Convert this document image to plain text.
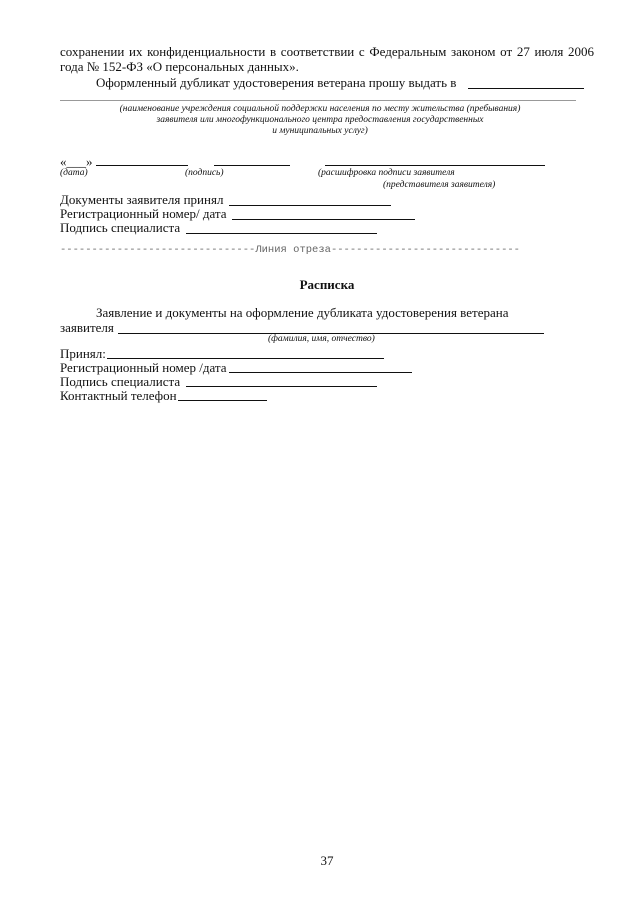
сохранении их конфиденциальности в соответствии с Федеральным законом от 27 июля 2006
года № 152-ФЗ «О персональных данных».
Оформленный дубликат удостоверения ветерана прошу выдать в
(наименование учреждения социальной поддержки населения по месту жительства (пребывания)
заявителя или многофункционального центра предоставления государственных
и муниципальных услуг)
«___»
(дата)	(подпись)	(расшифровка подписи заявителя
(представителя заявителя)
Документы заявителя принял
Регистрационный номер/ дата
Подпись специалиста
-------------------------------Линия отреза------------------------------
Расписка
Заявление и документы на оформление дубликата удостоверения ветерана
заявителя
(фамилия, имя, отчество)
Принял:
Регистрационный номер /дата
Подпись специалиста
Контактный телефон
37
